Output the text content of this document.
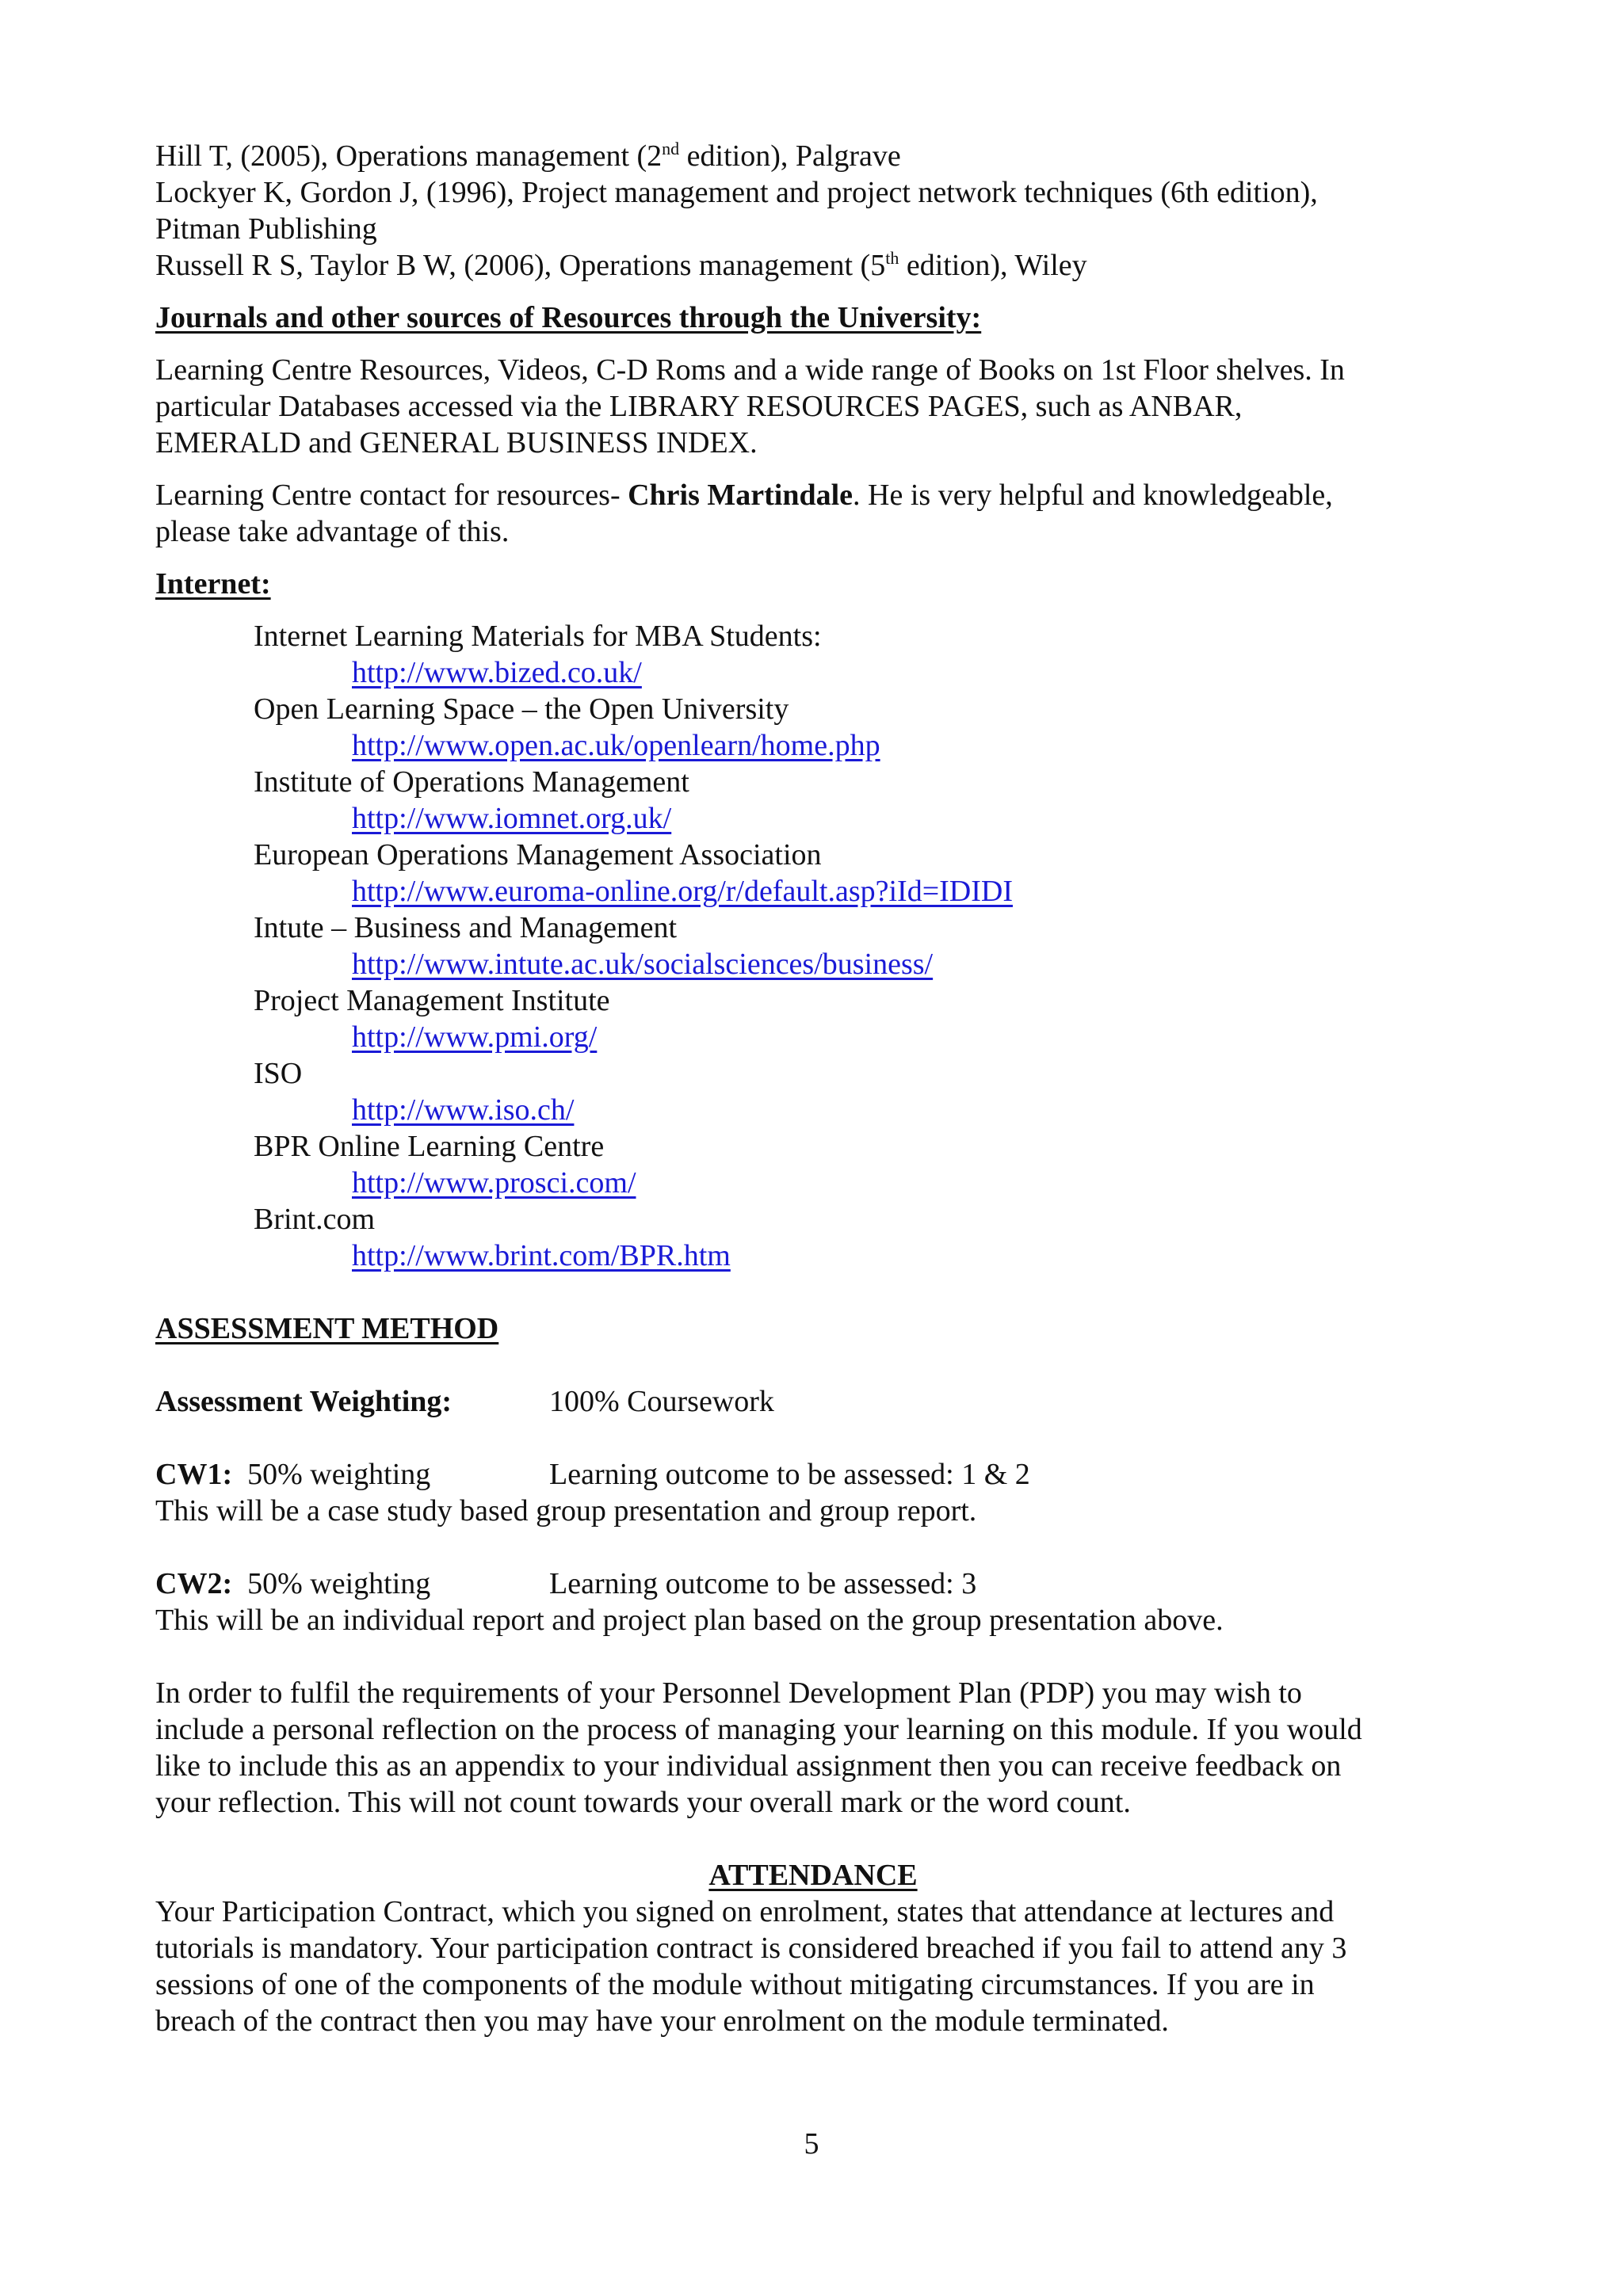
Hill T, (2005), Operations management (2nd edition), Palgrave
Lockyer K, Gordon J, (1996), Project management and project network techniques (6th edition),
Pitman Publishing
Russell R S, Taylor B W, (2006), Operations management (5th edition), Wiley
Journals and other sources of Resources through the University:
Learning Centre Resources, Videos, C-D Roms and a wide range of Books on 1st Floor shelves. In
particular Databases accessed via the LIBRARY RESOURCES PAGES, such as ANBAR,
EMERALD and GENERAL BUSINESS INDEX.
Learning Centre contact for resources- Chris Martindale. He is very helpful and knowledgeable,
please take advantage of this.
Internet:
Internet Learning Materials for MBA Students:
http://www.bized.co.uk/
Open Learning Space – the Open University
http://www.open.ac.uk/openlearn/home.php
Institute of Operations Management
http://www.iomnet.org.uk/
European Operations Management Association
http://www.euroma-online.org/r/default.asp?iId=IDIDI
Intute – Business and Management
http://www.intute.ac.uk/socialsciences/business/
Project Management Institute
http://www.pmi.org/
ISO
http://www.iso.ch/
BPR Online Learning Centre
http://www.prosci.com/
Brint.com
http://www.brint.com/BPR.htm
ASSESSMENT METHOD
Assessment Weighting:	100% Coursework
CW1:  50% weighting	Learning outcome to be assessed: 1 & 2
This will be a case study based group presentation and group report.
CW2:  50% weighting	Learning outcome to be assessed: 3
This will be an individual report and project plan based on the group presentation above.
In order to fulfil the requirements of your Personnel Development Plan (PDP) you may wish to
include a personal reflection on the process of managing your learning on this module. If you would
like to include this as an appendix to your individual assignment then you can receive feedback on
your reflection. This will not count towards your overall mark or the word count.
ATTENDANCE
Your Participation Contract, which you signed on enrolment, states that attendance at lectures and
tutorials is mandatory. Your participation contract is considered breached if you fail to attend any 3
sessions of one of the components of the module without mitigating circumstances. If you are in
breach of the contract then you may have your enrolment on the module terminated.
5
